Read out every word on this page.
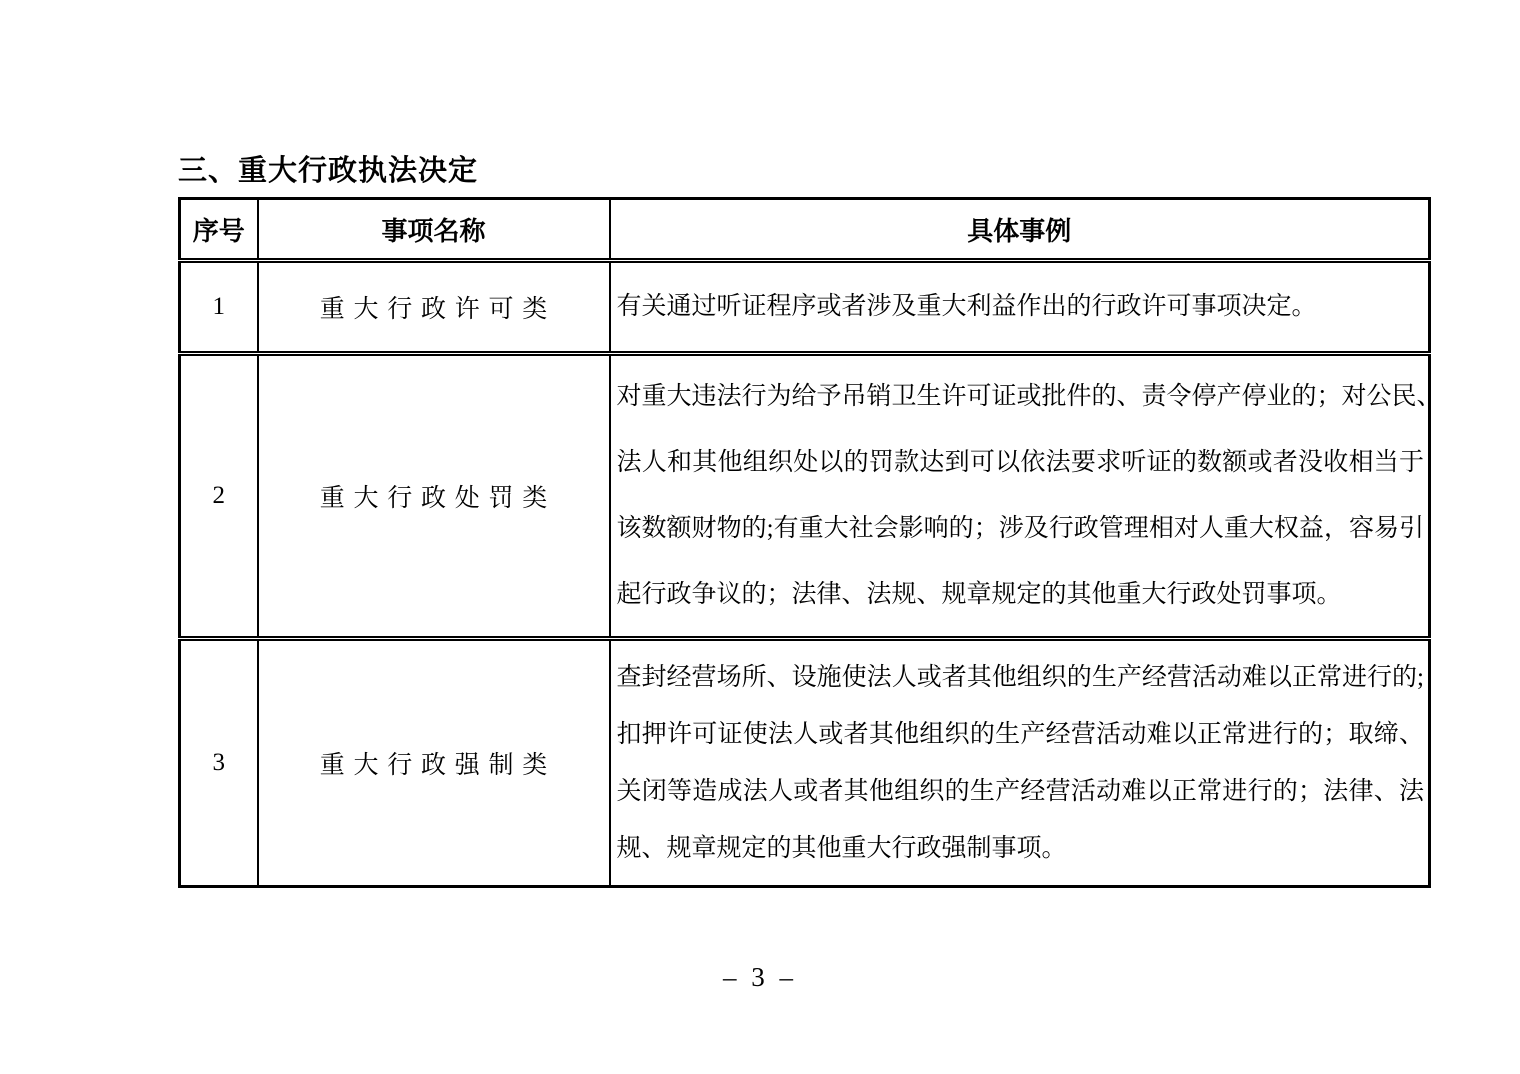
三、重大行政执法决定
序号	事项名称	具体事例
1	重大行政许可类	有关通过听证程序或者涉及重大利益作出的行政许可事项决定。

2	重大行政处罚类	对重大违法行为给予吊销卫生许可证或批件的、责令停产停业的；对公民、
法人和其他组织处以的罚款达到可以依法要求听证的数额或者没收相当于
该数额财物的;有重大社会影响的；涉及行政管理相对人重大权益，容易引
起行政争议的；法律、法规、规章规定的其他重大行政处罚事项。

3	重大行政强制类	查封经营场所、设施使法人或者其他组织的生产经营活动难以正常进行的;
扣押许可证使法人或者其他组织的生产经营活动难以正常进行的；取缔、
关闭等造成法人或者其他组织的生产经营活动难以正常进行的；法律、法
规、规章规定的其他重大行政强制事项。
– 3 –
